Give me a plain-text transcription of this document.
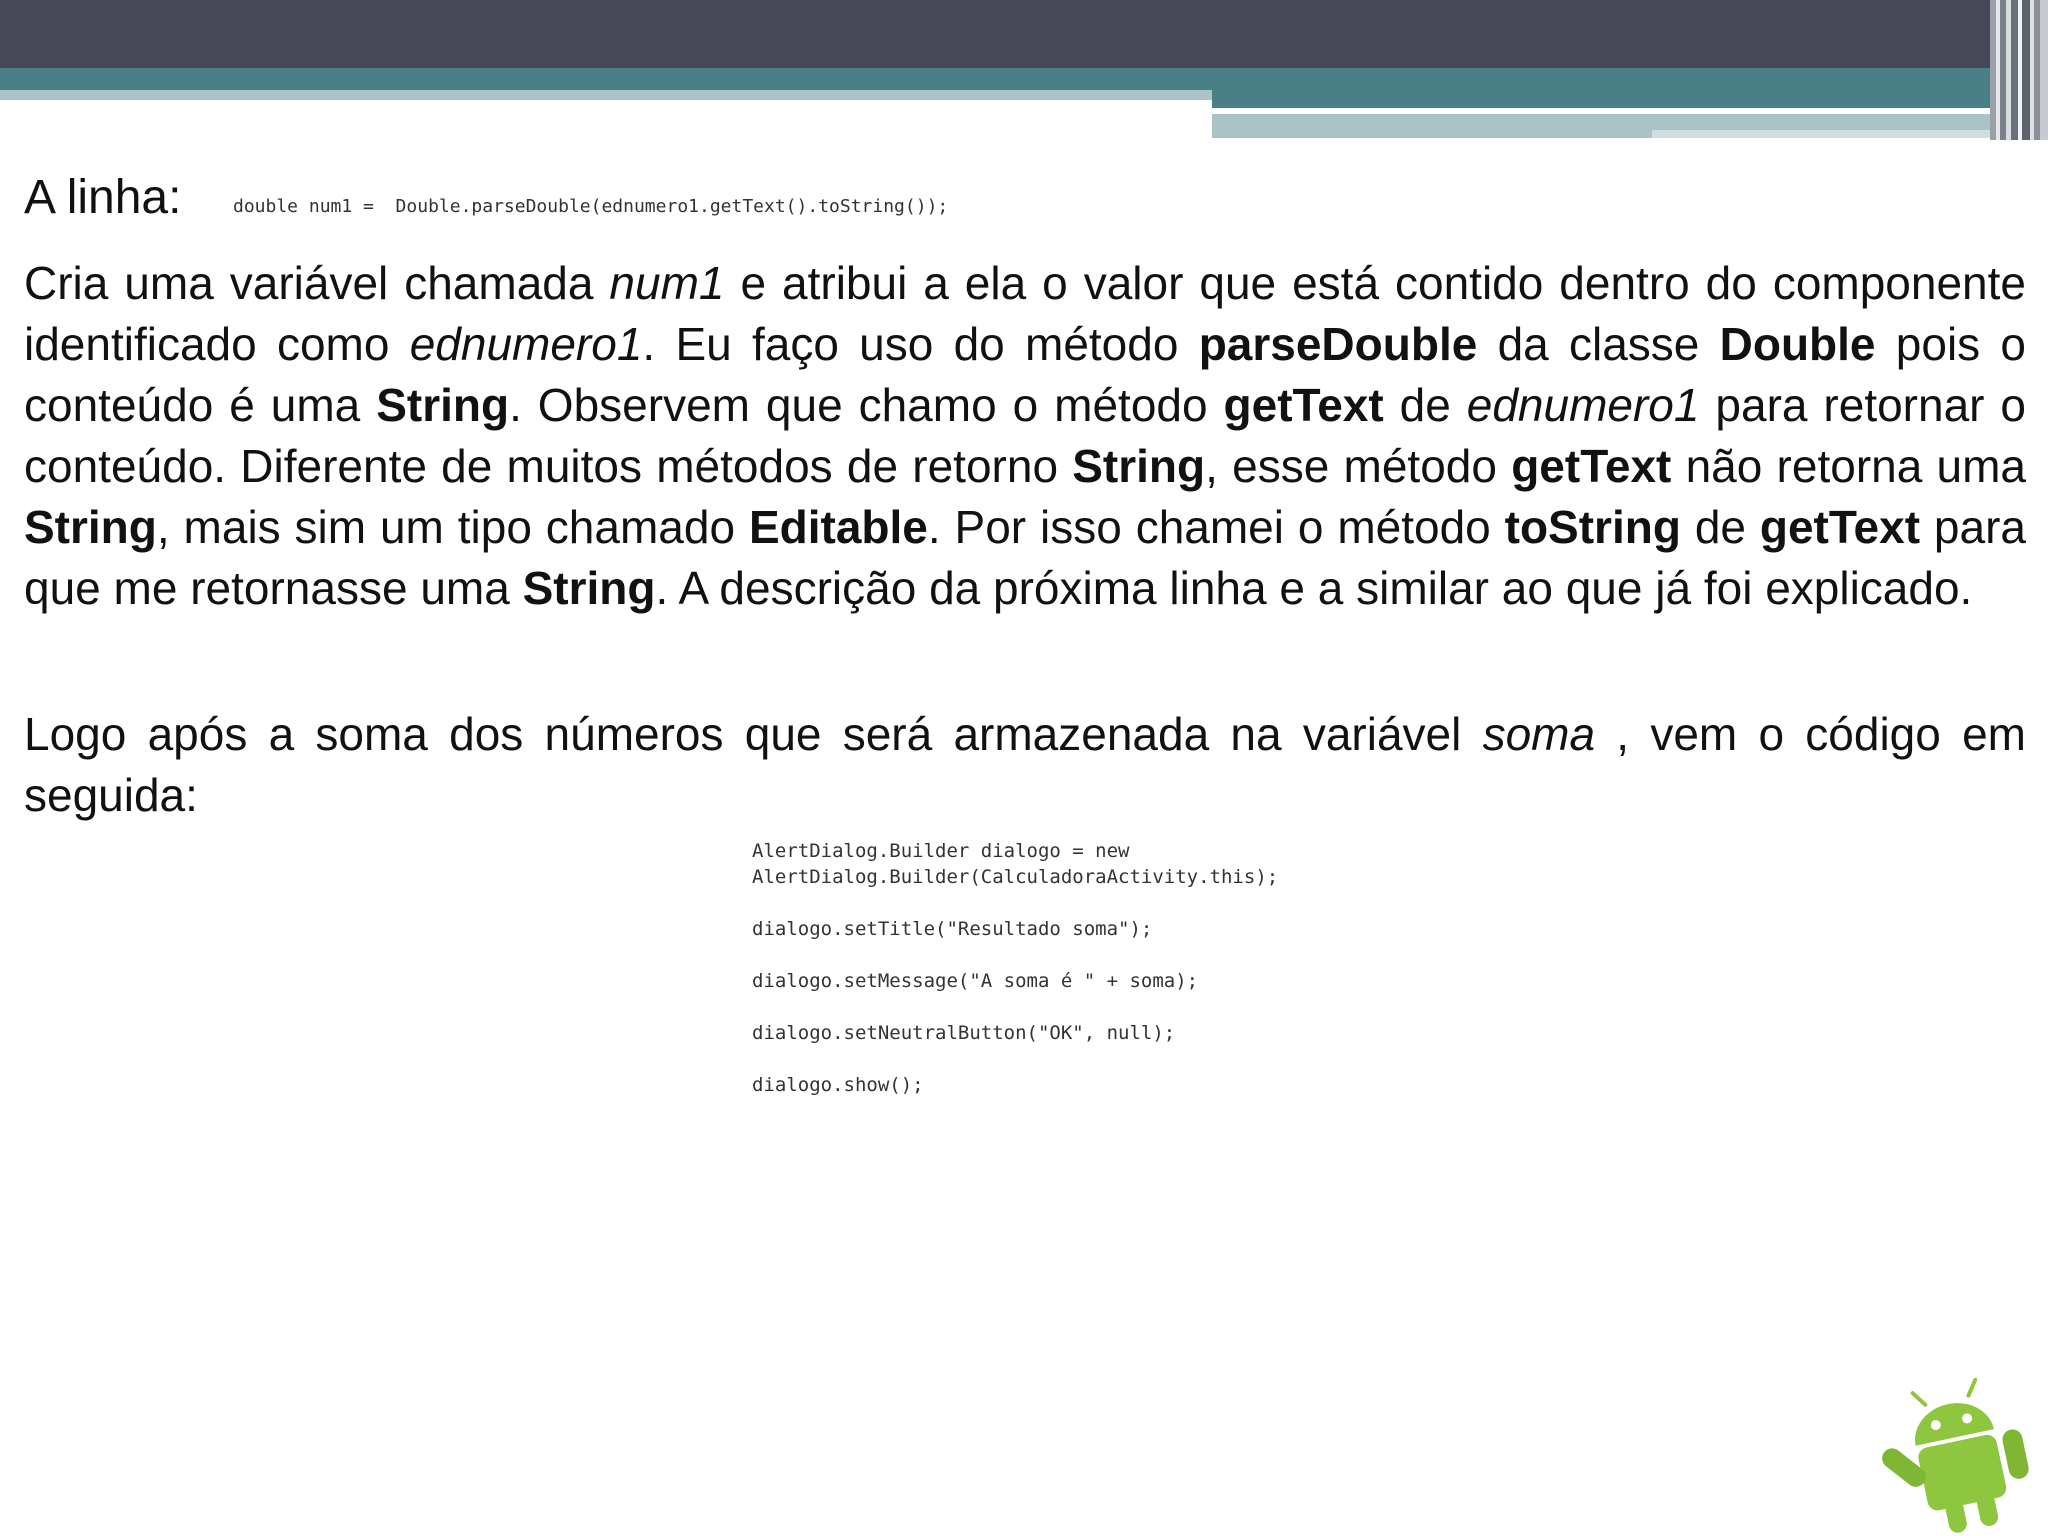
A linha:	double num1 =  Double.parseDouble(ednumero1.getText().toString());

Cria uma variável chamada num1 e atribui a ela o valor que está contido dentro do componente identificado como ednumero1. Eu faço uso do método parseDouble da classe Double pois o conteúdo é uma String. Observem que chamo o método getText de ednumero1 para retornar o conteúdo. Diferente de muitos métodos de retorno String, esse método getText não retorna uma String, mais sim um tipo chamado Editable. Por isso chamei o método toString de getText para que me retornasse uma String. A descrição da próxima linha e a similar ao que já foi explicado.

Logo após a soma dos números que será armazenada na variável soma , vem o código em seguida:

AlertDialog.Builder dialogo = new
AlertDialog.Builder(CalculadoraActivity.this);

dialogo.setTitle("Resultado soma");

dialogo.setMessage("A soma é " + soma);

dialogo.setNeutralButton("OK", null);

dialogo.show();
